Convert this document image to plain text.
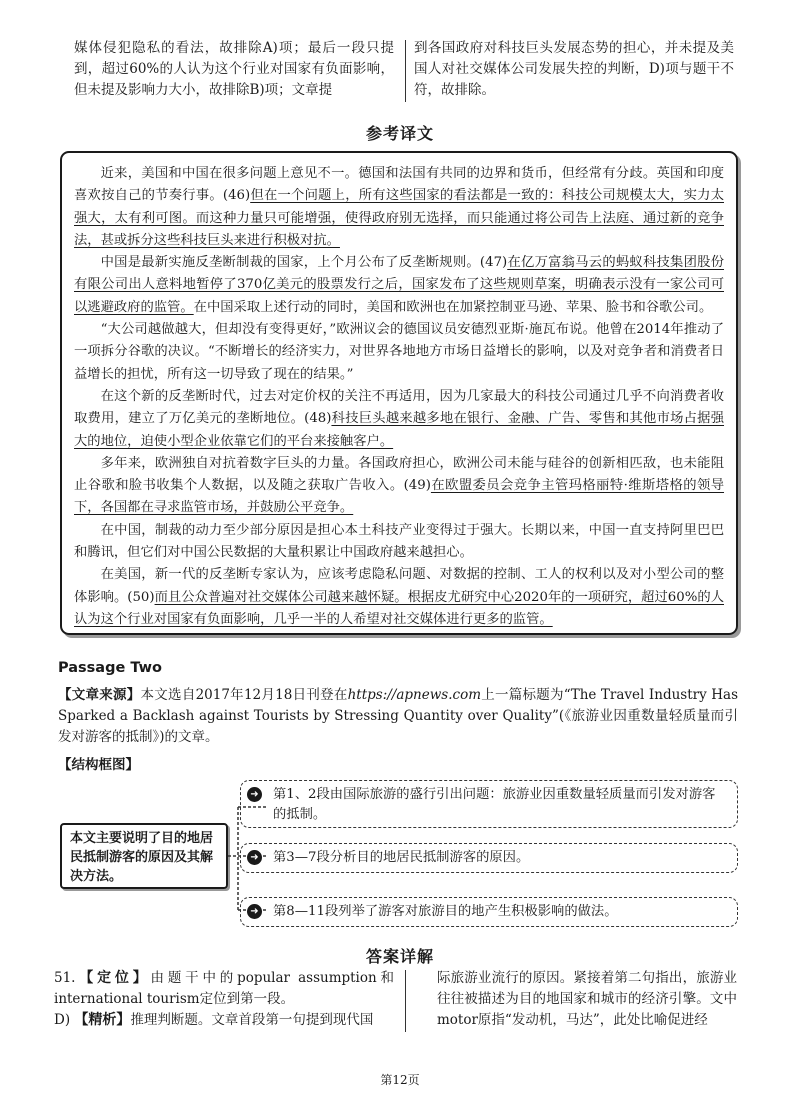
媒体侵犯隐私的看法，故排除A)项；最后一段只提到，超过60%的人认为这个行业对国家有负面影响，但未提及影响力大小，故排除B)项；文章提

到各国政府对科技巨头发展态势的担心，并未提及美国人对社交媒体公司发展失控的判断，D)项与题干不符，故排除。

参考译文

近来，美国和中国在很多问题上意见不一。德国和法国有共同的边界和货币，但经常有分歧。英国和印度喜欢按自己的节奏行事。(46)但在一个问题上，所有这些国家的看法都是一致的：科技公司规模太大，实力太强大，太有利可图。而这种力量只可能增强，使得政府别无选择，而只能通过将公司告上法庭、通过新的竞争法，甚或拆分这些科技巨头来进行积极对抗。

中国是最新实施反垄断制裁的国家，上个月公布了反垄断规则。(47)在亿万富翁马云的蚂蚁科技集团股份有限公司出人意料地暂停了370亿美元的股票发行之后，国家发布了这些规则草案，明确表示没有一家公司可以逃避政府的监管。在中国采取上述行动的同时，美国和欧洲也在加紧控制亚马逊、苹果、脸书和谷歌公司。

“大公司越做越大，但却没有变得更好，”欧洲议会的德国议员安德烈亚斯·施瓦布说。他曾在2014年推动了一项拆分谷歌的决议。“不断增长的经济实力，对世界各地地方市场日益增长的影响，以及对竞争者和消费者日益增长的担忧，所有这一切导致了现在的结果。”

在这个新的反垄断时代，过去对定价权的关注不再适用，因为几家最大的科技公司通过几乎不向消费者收取费用，建立了万亿美元的垄断地位。(48)科技巨头越来越多地在银行、金融、广告、零售和其他市场占据强大的地位，迫使小型企业依靠它们的平台来接触客户。

多年来，欧洲独自对抗着数字巨头的力量。各国政府担心，欧洲公司未能与硅谷的创新相匹敌，也未能阻止谷歌和脸书收集个人数据，以及随之获取广告收入。(49)在欧盟委员会竞争主管玛格丽特·维斯塔格的领导下，各国都在寻求监管市场，并鼓励公平竞争。

在中国，制裁的动力至少部分原因是担心本土科技产业变得过于强大。长期以来，中国一直支持阿里巴巴和腾讯，但它们对中国公民数据的大量积累让中国政府越来越担心。

在美国，新一代的反垄断专家认为，应该考虑隐私问题、对数据的控制、工人的权利以及对小型公司的整体影响。(50)而且公众普遍对社交媒体公司越来越怀疑。根据皮尤研究中心2020年的一项研究，超过60%的人认为这个行业对国家有负面影响，几乎一半的人希望对社交媒体进行更多的监管。

Passage Two
【文章来源】本文选自2017年12月18日刊登在https://apnews.com上一篇标题为“The Travel Industry Has Sparked a Backlash against Tourists by Stressing Quantity over Quality”(《旅游业因重数量轻质量而引发对游客的抵制》)的文章。
【结构框图】
本文主要说明了目的地居民抵制游客的原因及其解决方法。
➜ 第1、2段由国际旅游的盛行引出问题：旅游业因重数量轻质量而引发对游客的抵制。
➜ 第3—7段分析目的地居民抵制游客的原因。
➜ 第8—11段列举了游客对旅游目的地产生积极影响的做法。
答案详解

51.【定位】由题干中的popular assumption和international tourism定位到第一段。

D) 【精析】推理判断题。文章首段第一句提到现代国

际旅游业流行的原因。紧接着第二句指出，旅游业往往被描述为目的地国家和城市的经济引擎。文中motor原指“发动机，马达”，此处比喻促进经

第12页
